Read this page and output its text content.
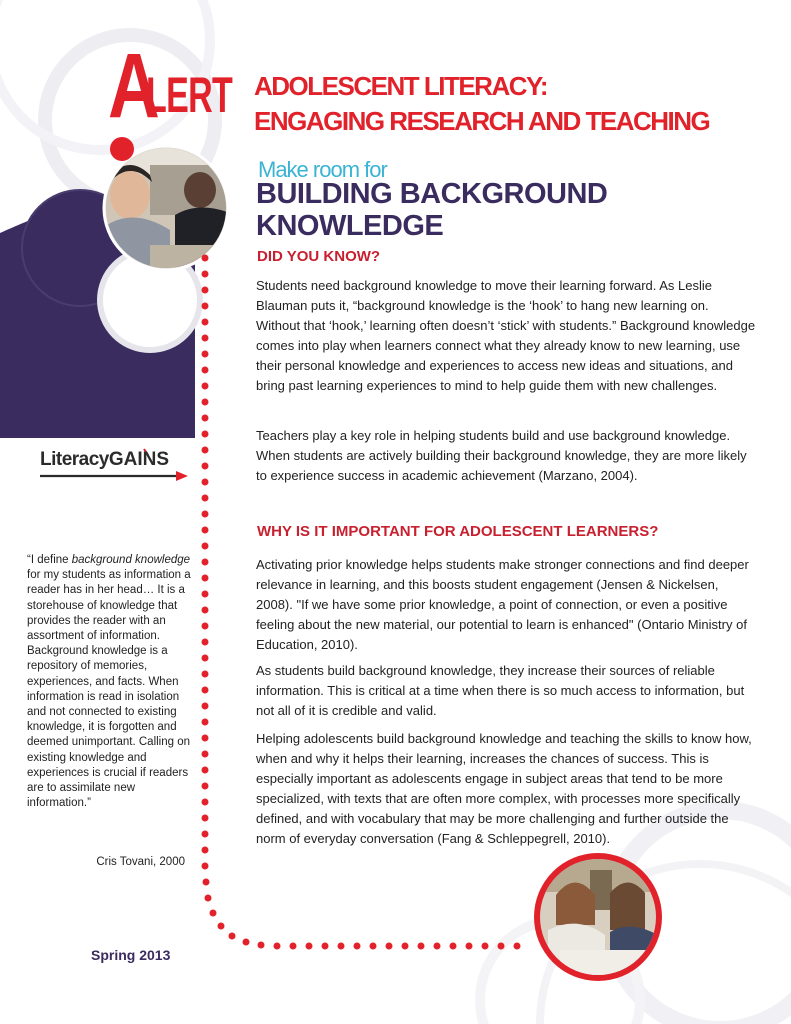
A
LERT ADOLESCENT LITERACY:
ENGAGING RESEARCH AND TEACHING
Make room for
BUILDING BACKGROUND KNOWLEDGE
LiteracyGAINS
DID YOU KNOW?

Students need background knowledge to move their learning forward. As Leslie Blauman puts it, “background knowledge is the ‘hook’ to hang new learning on. Without that ‘hook,’ learning often doesn’t ‘stick’ with students.” Background knowledge comes into play when learners connect what they already know to new learning, use their personal knowledge and experiences to access new ideas and situations, and bring past learning experiences to mind to help guide them with new challenges.

Teachers play a key role in helping students build and use background knowledge. When students are actively building their background knowledge, they are more likely to experience success in academic achievement (Marzano, 2004).

WHY IS IT IMPORTANT FOR ADOLESCENT LEARNERS?

Activating prior knowledge helps students make stronger connections and find deeper relevance in learning, and this boosts student engagement (Jensen & Nickelsen, 2008). "If we have some prior knowledge, a point of connection, or even a positive feeling about the new material, our potential to learn is enhanced" (Ontario Ministry of Education, 2010).

As students build background knowledge, they increase their sources of reliable information. This is critical at a time when there is so much access to information, but not all of it is credible and valid.

Helping adolescents build background knowledge and teaching the skills to know how, when and why it helps their learning, increases the chances of success. This is especially important as adolescents engage in subject areas that tend to be more specialized, with texts that are often more complex, with processes more specifically defined, and with vocabulary that may be more challenging and further outside the norm of everyday conversation (Fang & Schleppegrell, 2010).

“I define background knowledge for my students as information a reader has in her head… It is a storehouse of knowledge that provides the reader with an assortment of information. Background knowledge is a repository of memories, experiences, and facts. When information is read in isolation and not connected to existing knowledge, it is forgotten and deemed unimportant. Calling on existing knowledge and experiences is crucial if readers are to assimilate new information.”

Cris Tovani, 2000
Spring 2013
